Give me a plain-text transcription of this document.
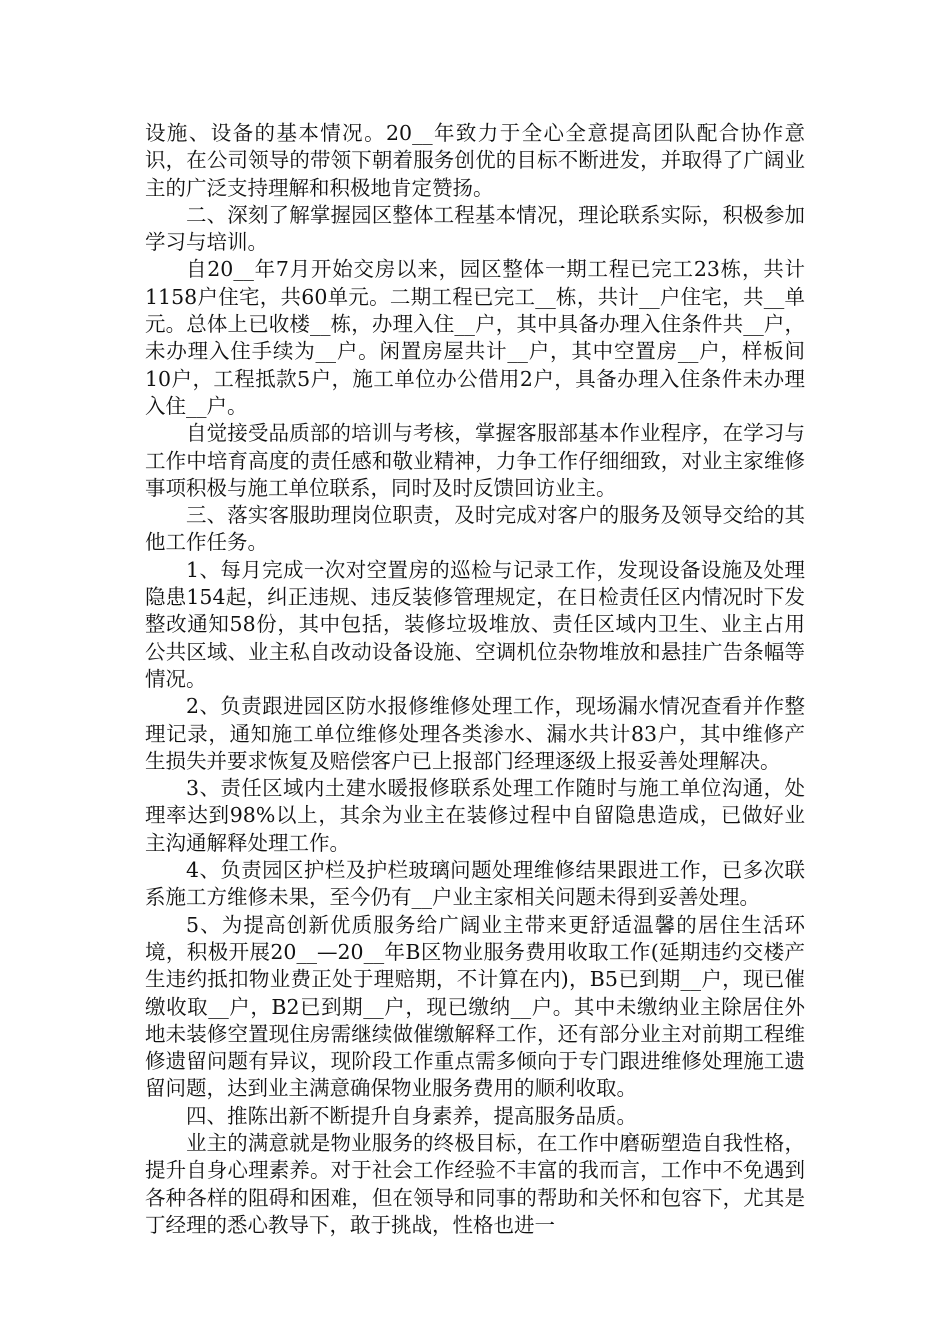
设施、设备的基本情况。20__年致力于全心全意提高团队配合协作意识，在公司领导的带领下朝着服务创优的目标不断进发，并取得了广阔业主的广泛支持理解和积极地肯定赞扬。

二、深刻了解掌握园区整体工程基本情况，理论联系实际，积极参加学习与培训。

自20__年7月开始交房以来，园区整体一期工程已完工23栋，共计1158户住宅，共60单元。二期工程已完工__栋，共计__户住宅，共__单元。总体上已收楼__栋，办理入住__户，其中具备办理入住条件共__户，未办理入住手续为__户。闲置房屋共计__户，其中空置房__户，样板间10户，工程抵款5户，施工单位办公借用2户，具备办理入住条件未办理入住__户。

自觉接受品质部的培训与考核，掌握客服部基本作业程序，在学习与工作中培育高度的责任感和敬业精神，力争工作仔细细致，对业主家维修事项积极与施工单位联系，同时及时反馈回访业主。

三、落实客服助理岗位职责，及时完成对客户的服务及领导交给的其他工作任务。

1、每月完成一次对空置房的巡检与记录工作，发现设备设施及处理隐患154起，纠正违规、违反装修管理规定，在日检责任区内情况时下发整改通知58份，其中包括，装修垃圾堆放、责任区域内卫生、业主占用公共区域、业主私自改动设备设施、空调机位杂物堆放和悬挂广告条幅等情况。

2、负责跟进园区防水报修维修处理工作，现场漏水情况查看并作整理记录，通知施工单位维修处理各类渗水、漏水共计83户，其中维修产生损失并要求恢复及赔偿客户已上报部门经理逐级上报妥善处理解决。

3、责任区域内土建水暖报修联系处理工作随时与施工单位沟通，处理率达到98%以上，其余为业主在装修过程中自留隐患造成，已做好业主沟通解释处理工作。

4、负责园区护栏及护栏玻璃问题处理维修结果跟进工作，已多次联系施工方维修未果，至今仍有__户业主家相关问题未得到妥善处理。

5、为提高创新优质服务给广阔业主带来更舒适温馨的居住生活环境，积极开展20__—20__年B区物业服务费用收取工作(延期违约交楼产生违约抵扣物业费正处于理赔期，不计算在内)，B5已到期__户，现已催缴收取__户，B2已到期__户，现已缴纳__户。其中未缴纳业主除居住外地未装修空置现住房需继续做催缴解释工作，还有部分业主对前期工程维修遗留问题有异议，现阶段工作重点需多倾向于专门跟进维修处理施工遗留问题，达到业主满意确保物业服务费用的顺利收取。

四、推陈出新不断提升自身素养，提高服务品质。

业主的满意就是物业服务的终极目标，在工作中磨砺塑造自我性格，提升自身心理素养。对于社会工作经验不丰富的我而言，工作中不免遇到各种各样的阻碍和困难，但在领导和同事的帮助和关怀和包容下，尤其是丁经理的悉心教导下，敢于挑战，性格也进一
